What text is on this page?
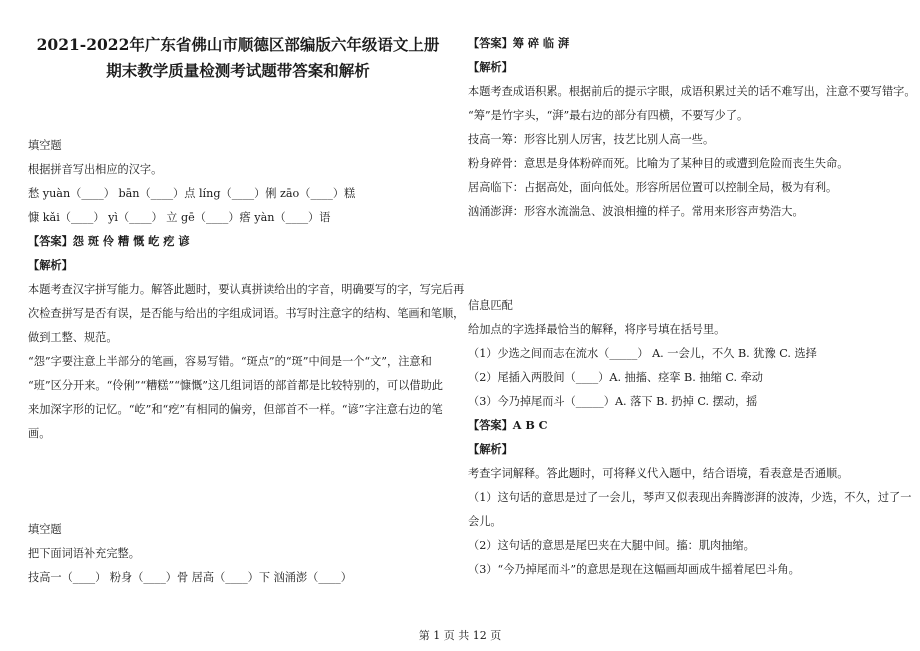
2021-2022年广东省佛山市顺德区部编版六年级语文上册
期末教学质量检测考试题带答案和解析
填空题
根据拼音写出相应的汉字。
愁 yuàn（____） bān（____）点 líng（____）俐 zāo（____）糕
慷 kǎi（____） yì（____） 立 gē（____）瘩 yàn（____）语
【答案】怨 斑 伶 糟 慨 屹 疙 谚
【解析】
本题考查汉字拼写能力。解答此题时，要认真拼读给出的字音，明确要写的字，写完后再
次检查拼写是否有误，是否能与给出的字组成词语。书写时注意字的结构、笔画和笔顺，
做到工整、规范。
“怨”字要注意上半部分的笔画，容易写错。“斑点”的“斑”中间是一个“文”，注意和
“班”区分开来。“伶俐”“糟糕”“慷慨”这几组词语的部首都是比较特别的，可以借助此
来加深字形的记忆。“屹”和“疙”有相同的偏旁，但部首不一样。“谚”字注意右边的笔
画。
填空题
把下面词语补充完整。
技高一（____） 粉身（____）骨 居高（____）下 汹涌澎（____）
【答案】筹 碎 临 湃
【解析】
本题考查成语积累。根据前后的提示字眼，成语积累过关的话不难写出，注意不要写错字。
“筹”是竹字头，“湃”最右边的部分有四横，不要写少了。
技高一筹：形容比别人厉害，技艺比别人高一些。
粉身碎骨：意思是身体粉碎而死。比喻为了某种目的或遭到危险而丧生失命。
居高临下：占据高处，面向低处。形容所居位置可以控制全局，极为有利。
汹涌澎湃：形容水流湍急、波浪相撞的样子。常用来形容声势浩大。
信息匹配
给加点的字选择最恰当的解释，将序号填在括号里。
（1）少选之间而志在流水（_____） A. 一会儿，不久 B. 犹豫 C. 选择
（2）尾插入两股间（____）A. 抽搐、痉挛 B. 抽缩 C. 牵动
（3）今乃掉尾而斗（_____）A. 落下 B. 扔掉 C. 摆动，摇
【答案】A B C
【解析】
考查字词解释。答此题时，可将释义代入题中，结合语境，看表意是否通顺。
（1）这句话的意思是过了一会儿，琴声又似表现出奔腾澎湃的波涛，少选，不久，过了一
会儿。
（2）这句话的意思是尾巴夹在大腿中间。搐：肌肉抽缩。
（3）“今乃掉尾而斗”的意思是现在这幅画却画成牛摇着尾巴斗角。
第 1 页 共 12 页
